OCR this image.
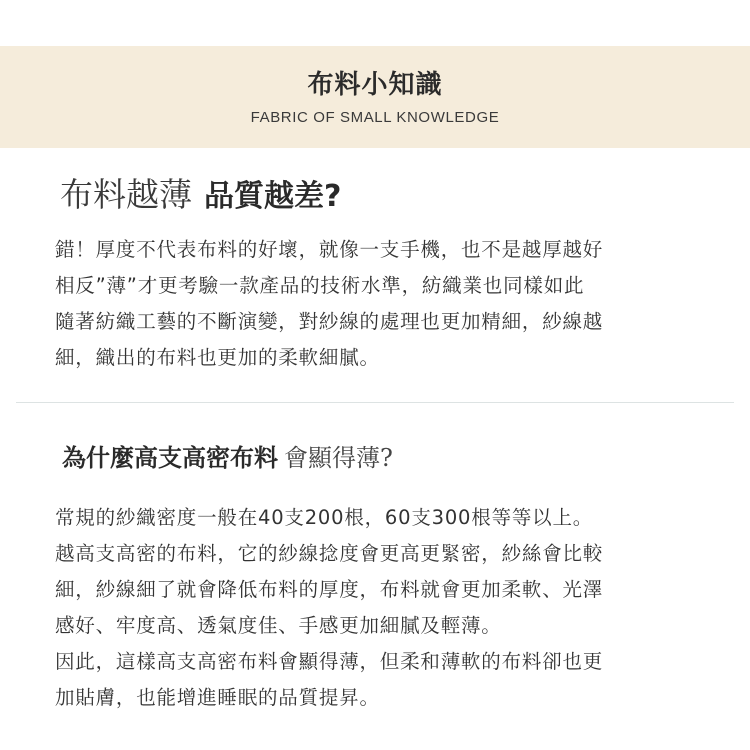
布料小知識
FABRIC OF SMALL KNOWLEDGE
布料越薄 品質越差?

錯！厚度不代表布料的好壞，就像一支手機，也不是越厚越好
相反”薄”才更考驗一款產品的技術水準，紡織業也同樣如此
隨著紡織工藝的不斷演變，對紗線的處理也更加精細，紗線越
細，織出的布料也更加的柔軟細膩。

為什麼高支高密布料 會顯得薄?

常規的紗織密度一般在40支200根，60支300根等等以上。
越高支高密的布料，它的紗線捻度會更高更緊密，紗絲會比較
細，紗線細了就會降低布料的厚度，布料就會更加柔軟、光澤
感好、牢度高、透氣度佳、手感更加細膩及輕薄。
因此，這樣高支高密布料會顯得薄，但柔和薄軟的布料卻也更
加貼膚，也能增進睡眠的品質提昇。
